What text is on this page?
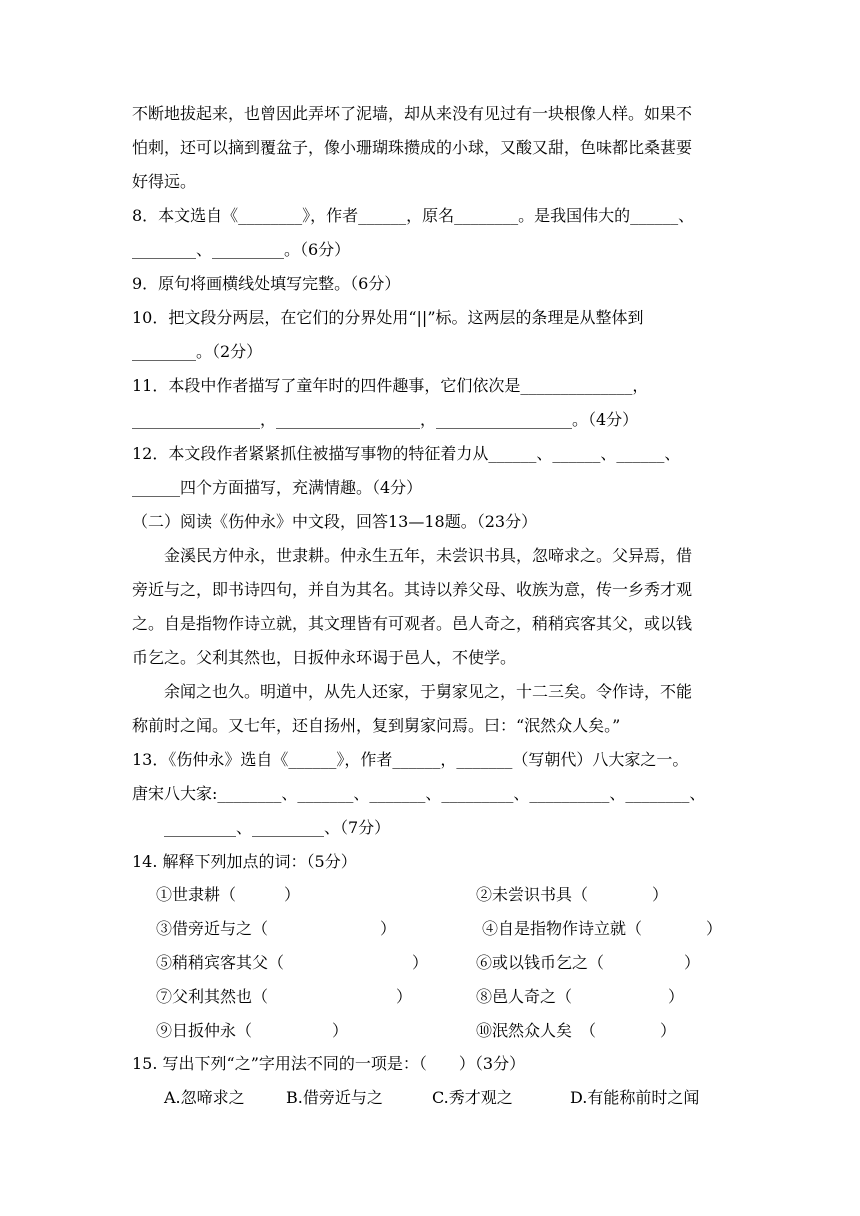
不断地拔起来，也曾因此弄坏了泥墙，却从来没有见过有一块根像人样。如果不
怕刺，还可以摘到覆盆子，像小珊瑚珠攒成的小球，又酸又甜，色味都比桑葚要
好得远。
8．本文选自《________》，作者______，原名________。是我国伟大的______、
________、_________。（6分）
9．原句将画横线处填写完整。（6分）
10．把文段分两层，在它们的分界处用“||”标。这两层的条理是从整体到
________。（2分）
11．本段中作者描写了童年时的四件趣事，它们依次是______________，
________________，__________________，_________________。（4分）
12．本文段作者紧紧抓住被描写事物的特征着力从______、______、______、
______四个方面描写，充满情趣。（4分）
（二）阅读《伤仲永》中文段，回答13—18题。（23分）
金溪民方仲永，世隶耕。仲永生五年，未尝识书具，忽啼求之。父异焉，借
旁近与之，即书诗四句，并自为其名。其诗以养父母、收族为意，传一乡秀才观
之。自是指物作诗立就，其文理皆有可观者。邑人奇之，稍稍宾客其父，或以钱
币乞之。父利其然也，日扳仲永环谒于邑人，不使学。
余闻之也久。明道中，从先人还家，于舅家见之，十二三矣。令作诗，不能
称前时之闻。又七年，还自扬州，复到舅家问焉。曰：“泯然众人矣。”
13．《伤仲永》选自《______》，作者______，_______（写朝代）八大家之一。
唐宋八大家:________、_______、_______、_________、__________、________、
_________、_________、（7分）
14. 解释下列加点的词：（5分）
①世隶耕（　　　）	②未尝识书具（　　　　）
③借旁近与之（　　　　　　　）	④自是指物作诗立就（　　　　）
⑤稍稍宾客其父（　　　　　　　　）	⑥或以钱币乞之（　　　　　）
⑦父利其然也（　　　　　　　　）	⑧邑人奇之（　　　　　　）
⑨日扳仲永（　　　　　）	⑩泯然众人矣　（　　　　）
15. 写出下列“之”字用法不同的一项是：（　　）（3分）
A.忽啼求之	B.借旁近与之	C.秀才观之	D.有能称前时之闻
